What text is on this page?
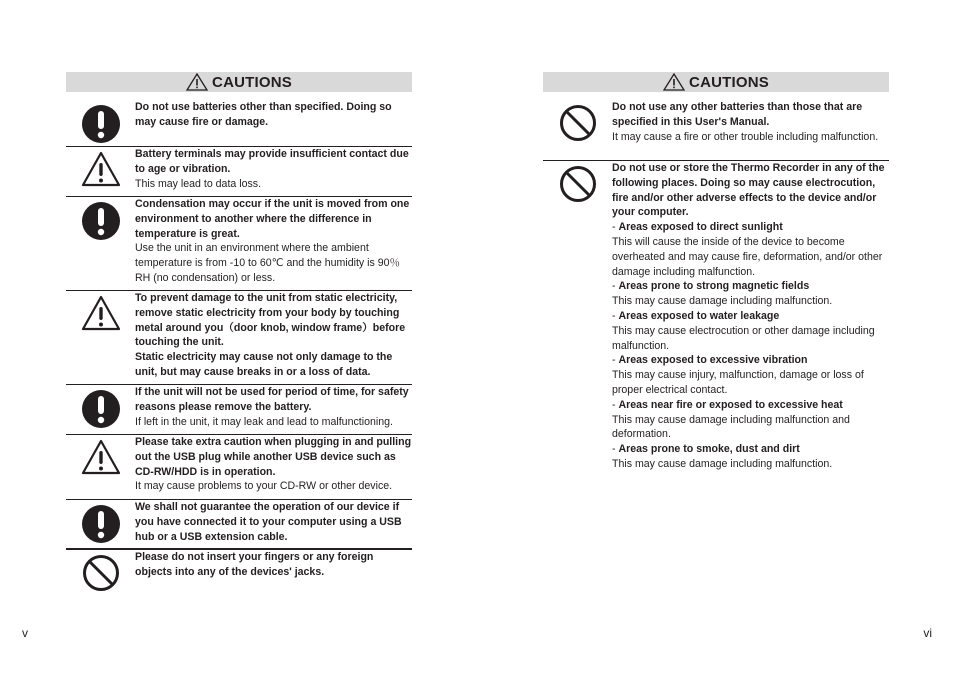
CAUTIONS
Do not use batteries other than specified. Doing so may cause fire or damage.
Battery terminals may provide insufficient contact due to age or vibration.
This may lead to data loss.
Condensation may occur if the unit is moved from one environment to another where the difference in temperature is great.
Use the unit in an environment where the ambient temperature is from -10 to 60℃ and the humidity is 90％ RH (no condensation) or less.
To prevent damage to the unit from static electricity, remove static electricity from your body by touching metal around you（door knob, window frame）before touching the unit.
Static electricity may cause not only damage to the unit, but may cause breaks in or a loss of data.
If the unit will not be used for period of time, for safety reasons please remove the battery.
If left in the unit, it may leak and lead to malfunctioning.
Please take extra caution when plugging in and pulling out the USB plug while another USB device such as CD-RW/HDD is in operation.
It may cause problems to your CD-RW or other device.
We shall not guarantee the operation of our device if you have connected it to your computer using a USB hub or a USB extension cable.
Please do not insert your fingers or any foreign objects into any of the devices' jacks.
CAUTIONS
Do not use any other batteries than those that are specified in this User's Manual.
It may cause a fire or other trouble including malfunction.
Do not use or store the Thermo Recorder in any of the following places. Doing so may cause electrocution, fire and/or other adverse effects to the device and/or your computer.
- Areas exposed to direct sunlight
This will cause the inside of the device to become overheated and may cause fire, deformation, and/or other damage including malfunction.
- Areas prone to strong magnetic fields
This may cause damage including malfunction.
- Areas exposed to water leakage
This may cause electrocution or other damage including malfunction.
- Areas exposed to excessive vibration
This may cause injury, malfunction, damage or loss of proper electrical contact.
- Areas near fire or exposed to excessive heat
This may cause damage including malfunction and deformation.
- Areas prone to smoke, dust and dirt
This may cause damage including malfunction.
v	vi
